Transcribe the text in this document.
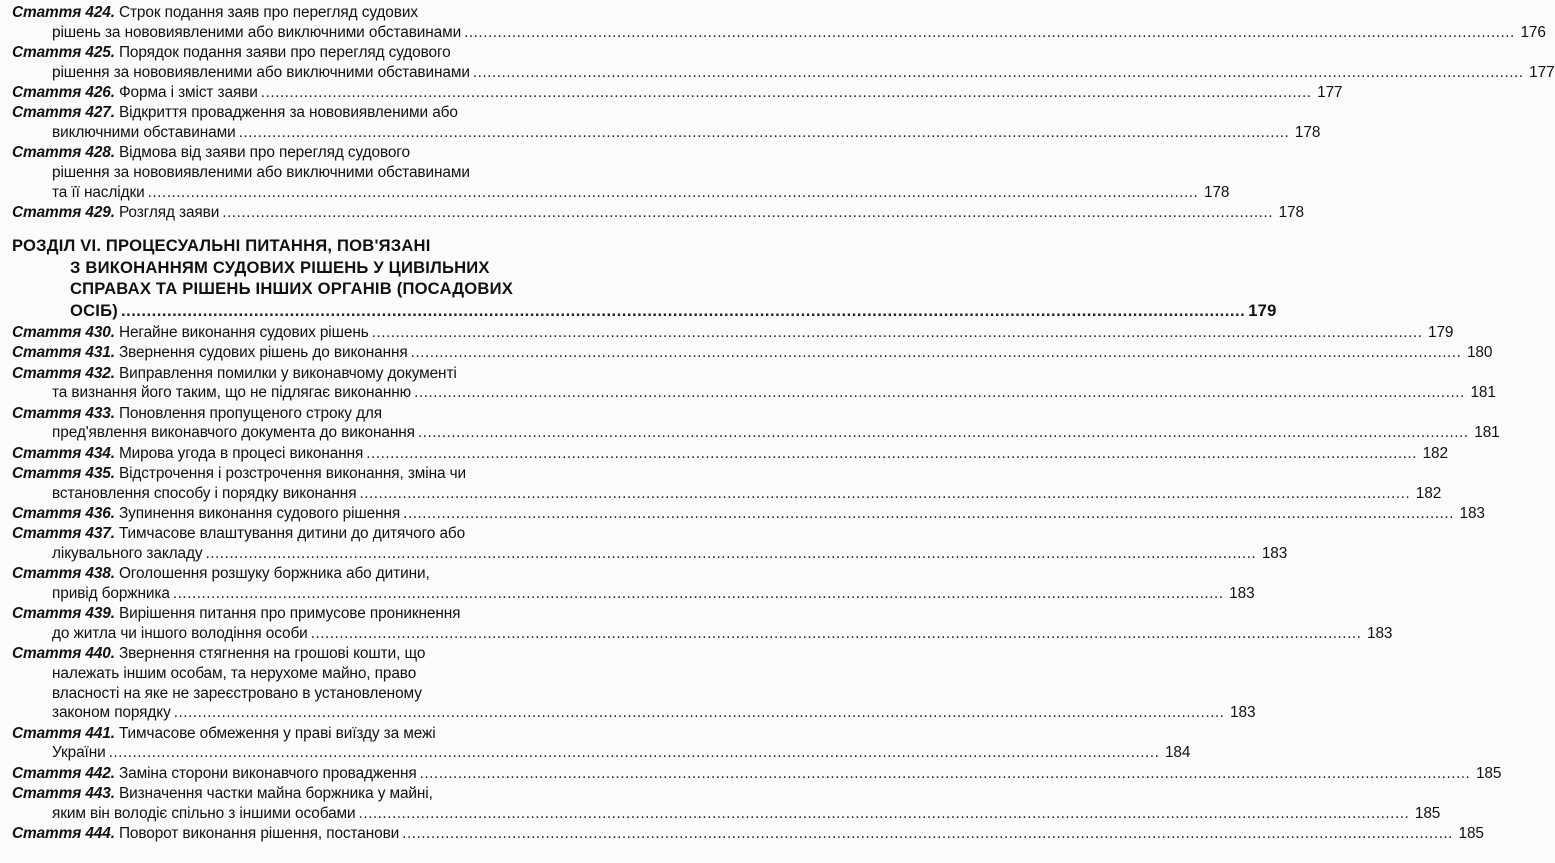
Стаття 424. Строк подання заяв про перегляд судових
рішень за нововиявленими або виключними обставинами ............................................................................................................................................................................................................................ 176
Стаття 425. Порядок подання заяви про перегляд судового
рішення за нововиявленими або виключними обставинами ............................................................................................................................................................................................................................ 177
Стаття 426. Форма і зміст заяви ............................................................................................................................................................................................................................ 177
Стаття 427. Відкриття провадження за нововиявленими або
виключними обставинами ............................................................................................................................................................................................................................ 178
Стаття 428. Відмова від заяви про перегляд судового
рішення за нововиявленими або виключними обставинами
та її наслідки ............................................................................................................................................................................................................................ 178
Стаття 429. Розгляд заяви ............................................................................................................................................................................................................................ 178
РОЗДІЛ VI. ПРОЦЕСУАЛЬНІ ПИТАННЯ, ПОВ'ЯЗАНІ
З ВИКОНАННЯМ СУДОВИХ РІШЕНЬ У ЦИВІЛЬНИХ
СПРАВАХ ТА РІШЕНЬ ІНШИХ ОРГАНІВ (ПОСАДОВИХ
ОСІБ) ............................................................................................................................................................................................................................ 179
Стаття 430. Негайне виконання судових рішень ............................................................................................................................................................................................................................ 179
Стаття 431. Звернення судових рішень до виконання ............................................................................................................................................................................................................................ 180
Стаття 432. Виправлення помилки у виконавчому документі
та визнання його таким, що не підлягає виконанню ............................................................................................................................................................................................................................ 181
Стаття 433. Поновлення пропущеного строку для
пред'явлення виконавчого документа до виконання ............................................................................................................................................................................................................................ 181
Стаття 434. Мирова угода в процесі виконання ............................................................................................................................................................................................................................ 182
Стаття 435. Відстрочення і розстрочення виконання, зміна чи
встановлення способу і порядку виконання ............................................................................................................................................................................................................................ 182
Стаття 436. Зупинення виконання судового рішення ............................................................................................................................................................................................................................ 183
Стаття 437. Тимчасове влаштування дитини до дитячого або
лікувального закладу ............................................................................................................................................................................................................................ 183
Стаття 438. Оголошення розшуку боржника або дитини,
привід боржника ............................................................................................................................................................................................................................ 183
Стаття 439. Вирішення питання про примусове проникнення
до житла чи іншого володіння особи ............................................................................................................................................................................................................................ 183
Стаття 440. Звернення стягнення на грошові кошти, що
належать іншим особам, та нерухоме майно, право
власності на яке не зареєстровано в установленому
законом порядку ............................................................................................................................................................................................................................ 183
Стаття 441. Тимчасове обмеження у праві виїзду за межі
України ............................................................................................................................................................................................................................ 184
Стаття 442. Заміна сторони виконавчого провадження ............................................................................................................................................................................................................................ 185
Стаття 443. Визначення частки майна боржника у майні,
яким він володіє спільно з іншими особами ............................................................................................................................................................................................................................ 185
Стаття 444. Поворот виконання рішення, постанови ............................................................................................................................................................................................................................ 185
